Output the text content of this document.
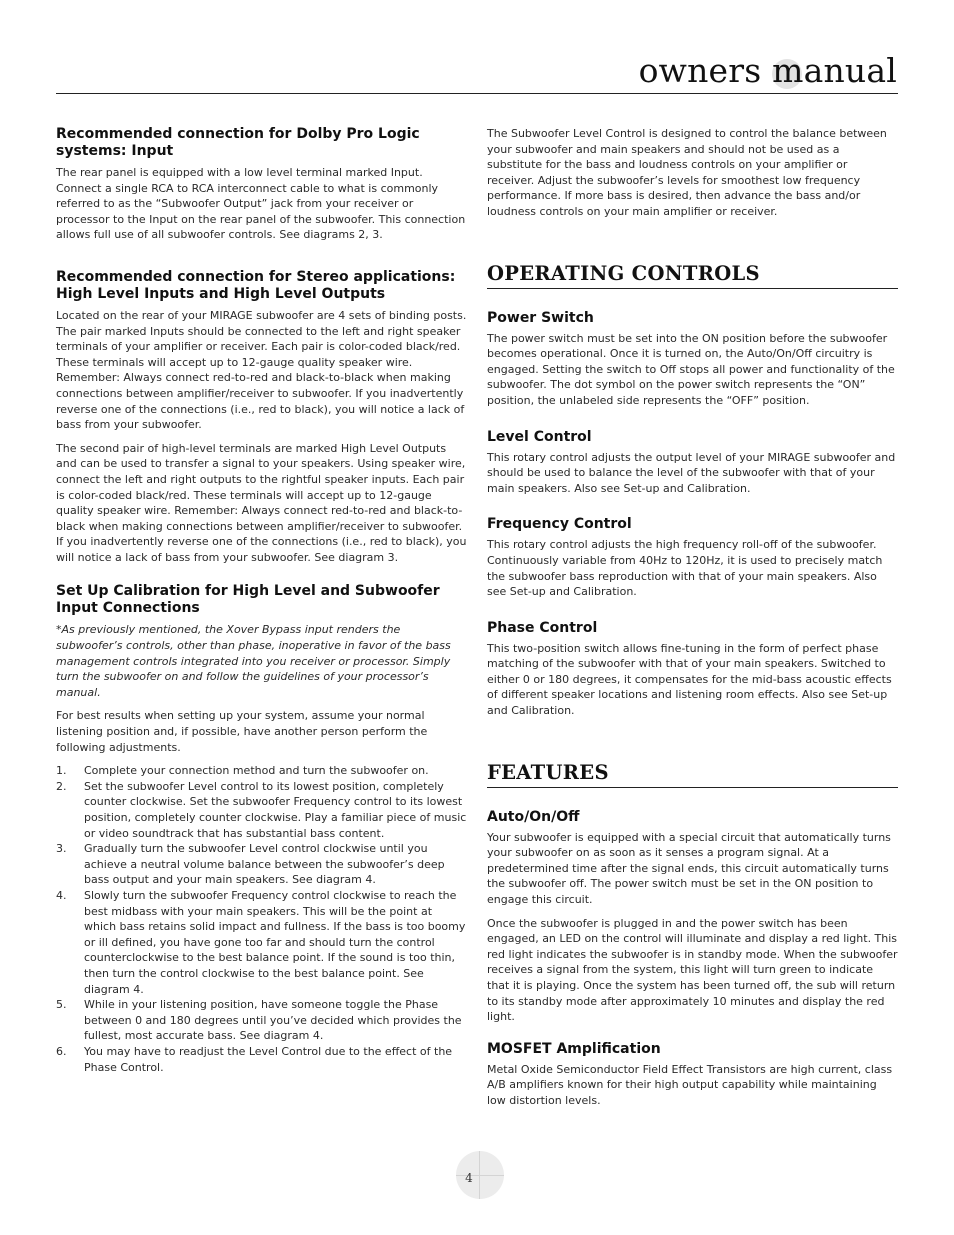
owners manual
Recommended connection for Dolby Pro Logic systems: Input

The rear panel is equipped with a low level terminal marked Input. Connect a single RCA to RCA interconnect cable to what is commonly referred to as the “Subwoofer Output” jack from your receiver or processor to the Input on the rear panel of the subwoofer. This connection allows full use of all subwoofer controls. See diagrams 2, 3.

Recommended connection for Stereo applications: High Level Inputs and High Level Outputs

Located on the rear of your MIRAGE subwoofer are 4 sets of binding posts. The pair marked Inputs should be connected to the left and right speaker terminals of your amplifier or receiver. Each pair is color-coded black/red. These terminals will accept up to 12-gauge quality speaker wire. Remember: Always connect red-to-red and black-to-black when making connections between amplifier/receiver to subwoofer. If you inadvertently reverse one of the connections (i.e., red to black), you will notice a lack of bass from your subwoofer.

The second pair of high-level terminals are marked High Level Outputs and can be used to transfer a signal to your speakers. Using speaker wire, connect the left and right outputs to the rightful speaker inputs. Each pair is color-coded black/red. These terminals will accept up to 12-gauge quality speaker wire. Remember: Always connect red-to-red and black-to-black when making connections between amplifier/receiver to subwoofer. If you inadvertently reverse one of the connections (i.e., red to black), you will notice a lack of bass from your subwoofer. See diagram 3.

Set Up Calibration for High Level and Subwoofer Input Connections

*As previously mentioned, the Xover Bypass input renders the subwoofer’s controls, other than phase, inoperative in favor of the bass management controls integrated into you receiver or processor. Simply turn the subwoofer on and follow the guidelines of your processor’s manual.

For best results when setting up your system, assume your normal listening position and, if possible, have another person perform the following adjustments.

1. Complete your connection method and turn the subwoofer on.
2. Set the subwoofer Level control to its lowest position, completely counter clockwise. Set the subwoofer Frequency control to its lowest position, completely counter clockwise. Play a familiar piece of music or video soundtrack that has substantial bass content.
3. Gradually turn the subwoofer Level control clockwise until you achieve a neutral volume balance between the subwoofer’s deep bass output and your main speakers. See diagram 4.
4. Slowly turn the subwoofer Frequency control clockwise to reach the best midbass with your main speakers. This will be the point at which bass retains solid impact and fullness. If the bass is too boomy or ill defined, you have gone too far and should turn the control counterclockwise to the best balance point. If the sound is too thin, then turn the control clockwise to the best balance point. See diagram 4.
5. While in your listening position, have someone toggle the Phase between 0 and 180 degrees until you’ve decided which provides the fullest, most accurate bass. See diagram 4.
6. You may have to readjust the Level Control due to the effect of the Phase Control.

The Subwoofer Level Control is designed to control the balance between your subwoofer and main speakers and should not be used as a substitute for the bass and loudness controls on your amplifier or receiver. Adjust the subwoofer’s levels for smoothest low frequency performance. If more bass is desired, then advance the bass and/or loudness controls on your main amplifier or receiver.

OPERATING CONTROLS
Power Switch

The power switch must be set into the ON position before the subwoofer becomes operational. Once it is turned on, the Auto/On/Off circuitry is engaged. Setting the switch to Off stops all power and functionality of the subwoofer. The dot symbol on the power switch represents the “ON” position, the unlabeled side represents the “OFF” position.

Level Control

This rotary control adjusts the output level of your MIRAGE subwoofer and should be used to balance the level of the subwoofer with that of your main speakers. Also see Set-up and Calibration.

Frequency Control

This rotary control adjusts the high frequency roll-off of the subwoofer. Continuously variable from 40Hz to 120Hz, it is used to precisely match the subwoofer bass reproduction with that of your main speakers. Also see Set-up and Calibration.

Phase Control

This two-position switch allows fine-tuning in the form of perfect phase matching of the subwoofer with that of your main speakers. Switched to either 0 or 180 degrees, it compensates for the mid-bass acoustic effects of different speaker locations and listening room effects. Also see Set-up and Calibration.

FEATURES
Auto/On/Off

Your subwoofer is equipped with a special circuit that automatically turns your subwoofer on as soon as it senses a program signal. At a predetermined time after the signal ends, this circuit automatically turns the subwoofer off. The power switch must be set in the ON position to engage this circuit.

Once the subwoofer is plugged in and the power switch has been engaged, an LED on the control will illuminate and display a red light. This red light indicates the subwoofer is in standby mode. When the subwoofer receives a signal from the system, this light will turn green to indicate that it is playing. Once the system has been turned off, the sub will return to its standby mode after approximately 10 minutes and display the red light.

MOSFET Amplification

Metal Oxide Semiconductor Field Effect Transistors are high current, class A/B amplifiers known for their high output capability while maintaining low distortion levels.

4
